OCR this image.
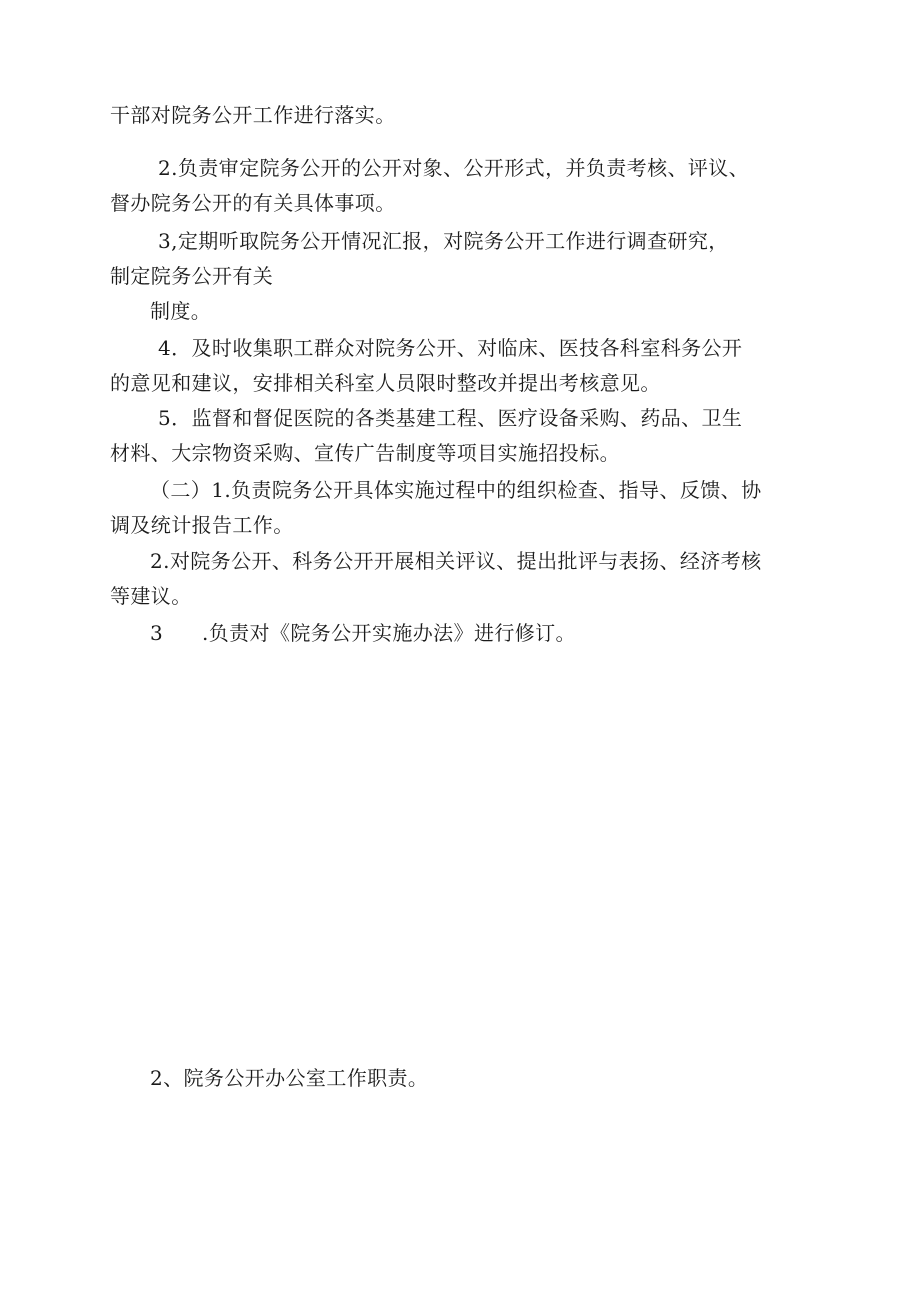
干部对院务公开工作进行落实。
2.负责审定院务公开的公开对象、公开形式，并负责考核、评议、
督办院务公开的有关具体事项。
3,定期听取院务公开情况汇报，对院务公开工作进行调查研究，
制定院务公开有关
制度。
4．及时收集职工群众对院务公开、对临床、医技各科室科务公开
的意见和建议，安排相关科室人员限时整改并提出考核意见。
5．监督和督促医院的各类基建工程、医疗设备采购、药品、卫生
材料、大宗物资采购、宣传广告制度等项目实施招投标。
（二）1.负责院务公开具体实施过程中的组织检查、指导、反馈、协
调及统计报告工作。
2.对院务公开、科务公开开展相关评议、提出批评与表扬、经济考核
等建议。
3 .负责对《院务公开实施办法》进行修订。
2、院务公开办公室工作职责。
